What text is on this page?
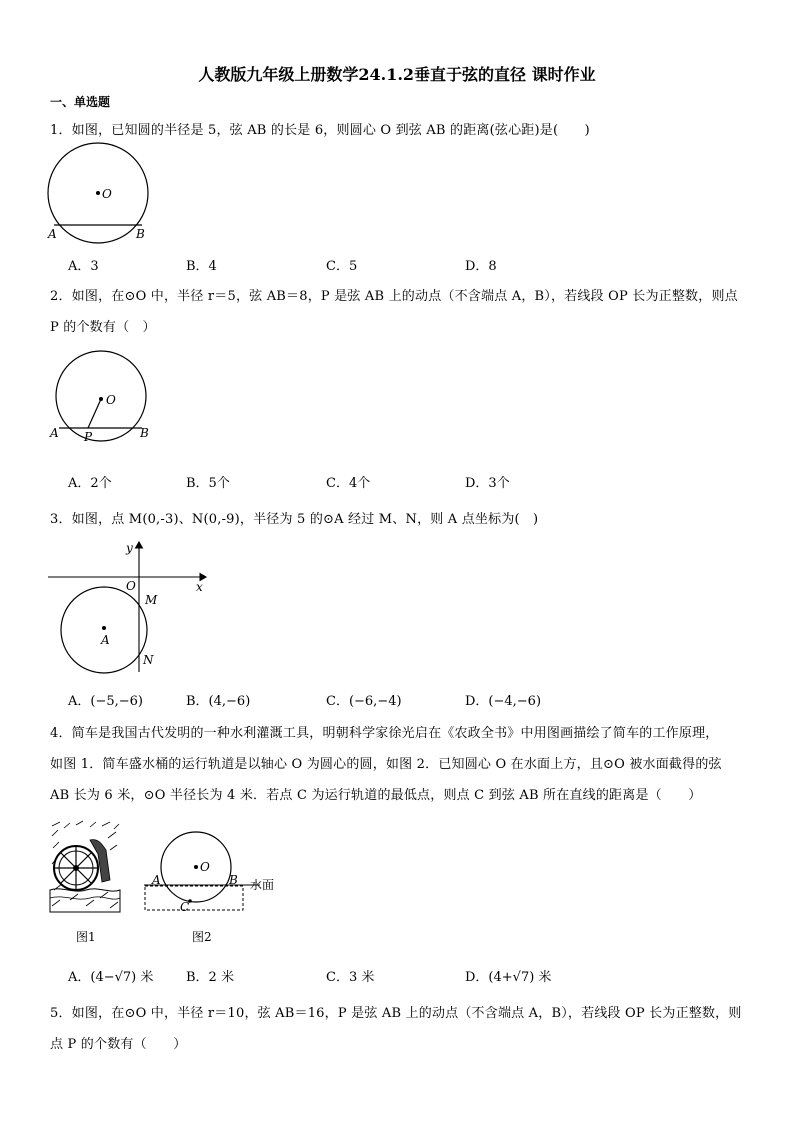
人教版九年级上册数学24.1.2垂直于弦的直径 课时作业
一、单选题
1．如图，已知圆的半径是 5，弦 AB 的长是 6，则圆心 O 到弦 AB 的距离(弦心距)是(　　)
O
A	B
A．3	B．4	C．5	D．8
2．如图，在⊙O 中，半径 r＝5，弦 AB＝8，P 是弦 AB 上的动点（不含端点 A，B），若线段 OP 长为正整数，则点
P 的个数有（　）
O
A	B
P
A．2个	B．5个	C．4个	D．3个
3．如图，点 M(0,-3)、N(0,-9)，半径为 5 的⊙A 经过 M、N，则 A 点坐标为(　)
y
x
O
M
N
A
A．(−5,−6)	B．(4,−6)	C．(−6,−4)	D．(−4,−6)
4．简车是我国古代发明的一种水利灌溉工具，明朝科学家徐光启在《农政全书》中用图画描绘了简车的工作原理，
如图 1．简车盛水桶的运行轨道是以轴心 O 为圆心的圆，如图 2．已知圆心 O 在水面上方，且⊙O 被水面截得的弦
AB 长为 6 米，⊙O 半径长为 4 米．若点 C 为运行轨道的最低点，则点 C 到弦 AB 所在直线的距离是（　　）
O
A	B
C
水面
图1	图2
A．(4−√7) 米	B．2 米	C．3 米	D．(4+√7) 米
5．如图，在⊙O 中，半径 r＝10，弦 AB＝16，P 是弦 AB 上的动点（不含端点 A，B），若线段 OP 长为正整数，则
点 P 的个数有（　　）
